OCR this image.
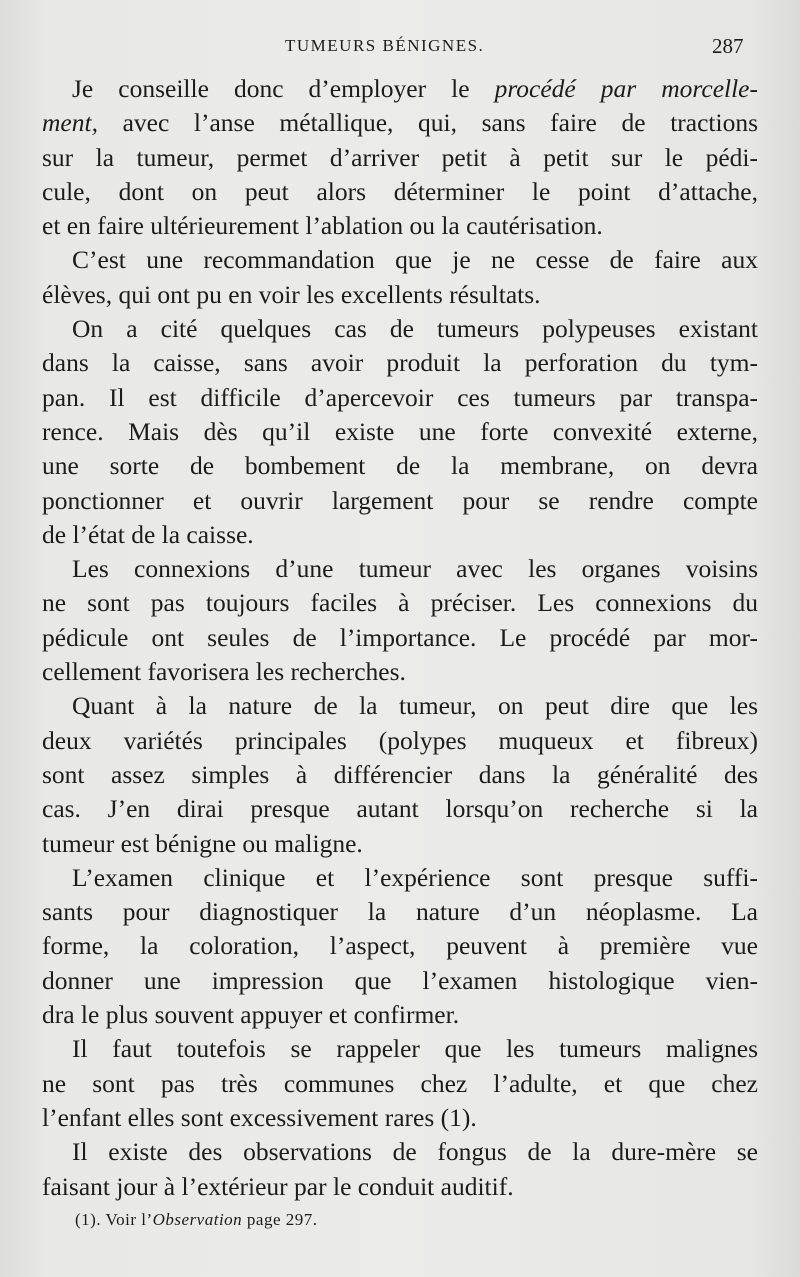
TUMEURS BÉNIGNES.	287
Je conseille donc d’employer le procédé par morcelle-
ment, avec l’anse métallique, qui, sans faire de tractions
sur la tumeur, permet d’arriver petit à petit sur le pédi-
cule, dont on peut alors déterminer le point d’attache,
et en faire ultérieurement l’ablation ou la cautérisation.
C’est une recommandation que je ne cesse de faire aux
élèves, qui ont pu en voir les excellents résultats.
On a cité quelques cas de tumeurs polypeuses existant
dans la caisse, sans avoir produit la perforation du tym-
pan. Il est difficile d’apercevoir ces tumeurs par transpa-
rence. Mais dès qu’il existe une forte convexité externe,
une sorte de bombement de la membrane, on devra
ponctionner et ouvrir largement pour se rendre compte
de l’état de la caisse.
Les connexions d’une tumeur avec les organes voisins
ne sont pas toujours faciles à préciser. Les connexions du
pédicule ont seules de l’importance. Le procédé par mor-
cellement favorisera les recherches.
Quant à la nature de la tumeur, on peut dire que les
deux variétés principales (polypes muqueux et fibreux)
sont assez simples à différencier dans la généralité des
cas. J’en dirai presque autant lorsqu’on recherche si la
tumeur est bénigne ou maligne.
L’examen clinique et l’expérience sont presque suffi-
sants pour diagnostiquer la nature d’un néoplasme. La
forme, la coloration, l’aspect, peuvent à première vue
donner une impression que l’examen histologique vien-
dra le plus souvent appuyer et confirmer.
Il faut toutefois se rappeler que les tumeurs malignes
ne sont pas très communes chez l’adulte, et que chez
l’enfant elles sont excessivement rares (1).
Il existe des observations de fongus de la dure-mère se
faisant jour à l’extérieur par le conduit auditif.
(1). Voir l’Observation page 297.
